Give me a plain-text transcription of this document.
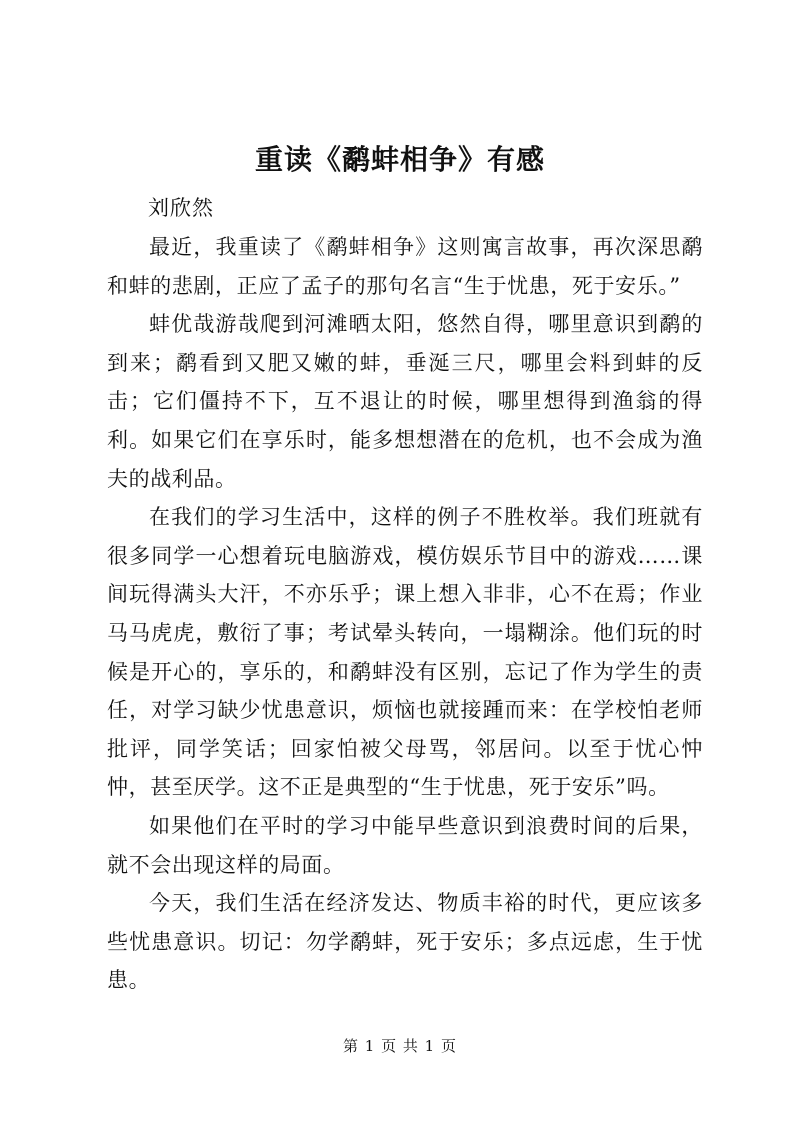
重读《鹬蚌相争》有感
刘欣然

最近，我重读了《鹬蚌相争》这则寓言故事，再次深思鹬和蚌的悲剧，正应了孟子的那句名言“生于忧患，死于安乐。”

蚌优哉游哉爬到河滩晒太阳，悠然自得，哪里意识到鹬的到来；鹬看到又肥又嫩的蚌，垂涎三尺，哪里会料到蚌的反击；它们僵持不下，互不退让的时候，哪里想得到渔翁的得利。如果它们在享乐时，能多想想潜在的危机，也不会成为渔夫的战利品。

在我们的学习生活中，这样的例子不胜枚举。我们班就有很多同学一心想着玩电脑游戏，模仿娱乐节目中的游戏……课间玩得满头大汗，不亦乐乎；课上想入非非，心不在焉；作业马马虎虎，敷衍了事；考试晕头转向，一塌糊涂。他们玩的时候是开心的，享乐的，和鹬蚌没有区别，忘记了作为学生的责任，对学习缺少忧患意识，烦恼也就接踵而来：在学校怕老师批评，同学笑话；回家怕被父母骂，邻居问。以至于忧心忡忡，甚至厌学。这不正是典型的“生于忧患，死于安乐”吗。

如果他们在平时的学习中能早些意识到浪费时间的后果，就不会出现这样的局面。

今天，我们生活在经济发达、物质丰裕的时代，更应该多些忧患意识。切记：勿学鹬蚌，死于安乐；多点远虑，生于忧患。

第 1 页 共 1 页
